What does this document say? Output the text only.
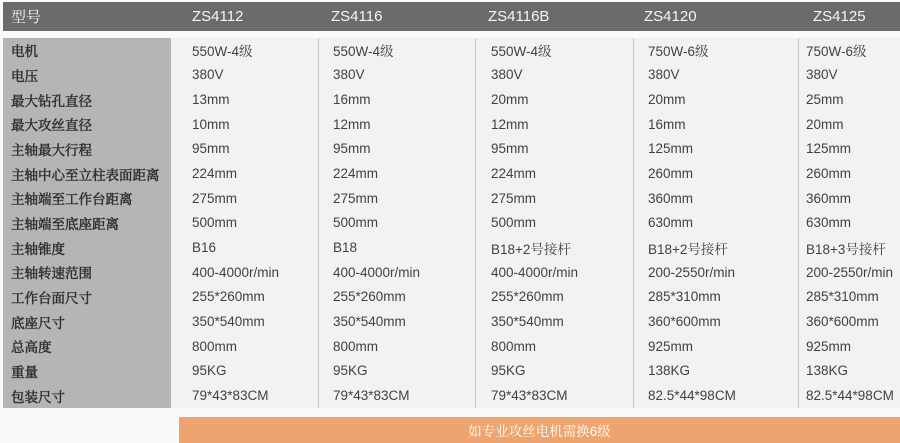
型号	ZS4112	ZS4116	ZS4116B	ZS4120	ZS4125
电机	550W-4级	550W-4级	550W-4级	750W-6级	750W-6级
电压	380V	380V	380V	380V	380V
最大钻孔直径	13mm	16mm	20mm	20mm	25mm
最大攻丝直径	10mm	12mm	12mm	16mm	20mm
主轴最大行程	95mm	95mm	95mm	125mm	125mm
主轴中心至立柱表面距离	224mm	224mm	224mm	260mm	260mm
主轴端至工作台距离	275mm	275mm	275mm	360mm	360mm
主轴端至底座距离	500mm	500mm	500mm	630mm	630mm
主轴锥度	B16	B18	B18+2号接杆	B18+2号接杆	B18+3号接杆
主轴转速范围	400-4000r/min	400-4000r/min	400-4000r/min	200-2550r/min	200-2550r/min
工作台面尺寸	255*260mm	255*260mm	255*260mm	285*310mm	285*310mm
底座尺寸	350*540mm	350*540mm	350*540mm	360*600mm	360*600mm
总高度	800mm	800mm	800mm	925mm	925mm
重量	95KG	95KG	95KG	138KG	138KG
包装尺寸	79*43*83CM	79*43*83CM	79*43*83CM	82.5*44*98CM	82.5*44*98CM
如专业攻丝电机需换6级
